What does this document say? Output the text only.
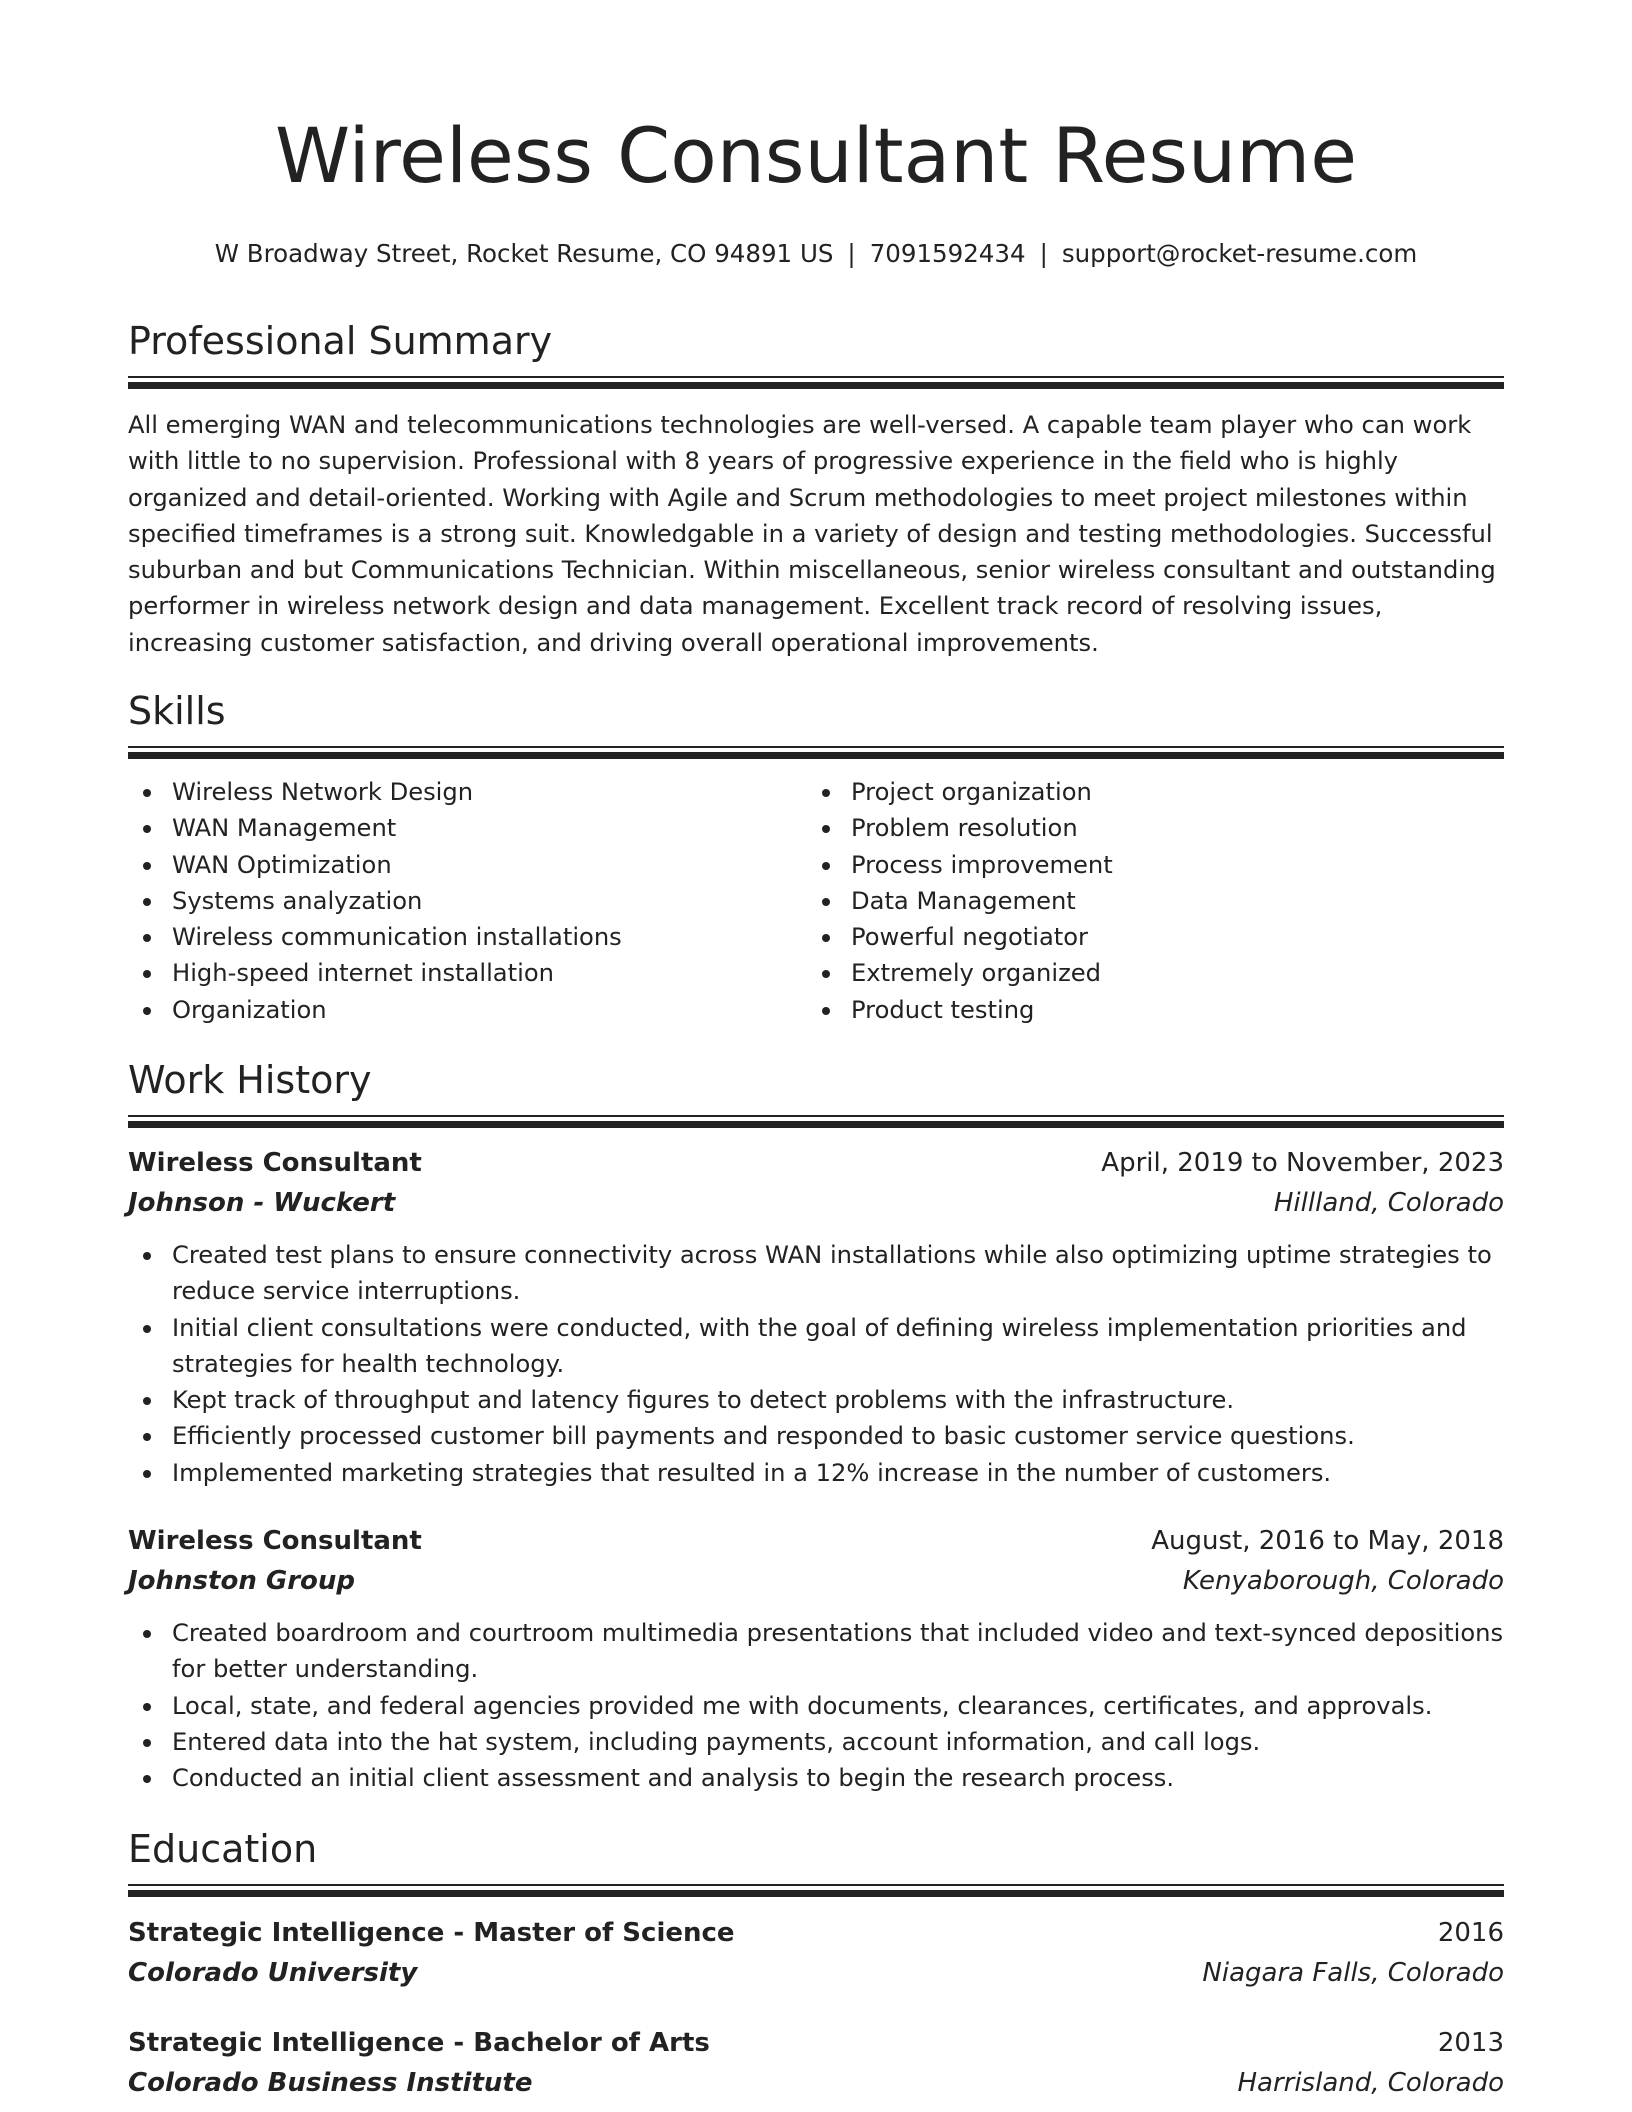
Wireless Consultant Resume
W Broadway Street, Rocket Resume, CO 94891 US | 7091592434 | support@rocket-resume.com
Professional Summary

All emerging WAN and telecommunications technologies are well-versed. A capable team player who can work with little to no supervision. Professional with 8 years of progressive experience in the field who is highly organized and detail-oriented. Working with Agile and Scrum methodologies to meet project milestones within specified timeframes is a strong suit. Knowledgable in a variety of design and testing methodologies. Successful suburban and but Communications Technician. Within miscellaneous, senior wireless consultant and outstanding performer in wireless network design and data management. Excellent track record of resolving issues, increasing customer satisfaction, and driving overall operational improvements.

Skills
Wireless Network Design
WAN Management
WAN Optimization
Systems analyzation
Wireless communication installations
High-speed internet installation
Organization
Project organization
Problem resolution
Process improvement
Data Management
Powerful negotiator
Extremely organized
Product testing
Work History
Wireless Consultant	April, 2019 to November, 2023
Johnson - Wuckert	Hillland, Colorado
Created test plans to ensure connectivity across WAN installations while also optimizing uptime strategies to reduce service interruptions.
Initial client consultations were conducted, with the goal of defining wireless implementation priorities and strategies for health technology.
Kept track of throughput and latency figures to detect problems with the infrastructure.
Efficiently processed customer bill payments and responded to basic customer service questions.
Implemented marketing strategies that resulted in a 12% increase in the number of customers.
Wireless Consultant	August, 2016 to May, 2018
Johnston Group	Kenyaborough, Colorado
Created boardroom and courtroom multimedia presentations that included video and text-synced depositions for better understanding.
Local, state, and federal agencies provided me with documents, clearances, certificates, and approvals.
Entered data into the hat system, including payments, account information, and call logs.
Conducted an initial client assessment and analysis to begin the research process.
Education
Strategic Intelligence - Master of Science	2016
Colorado University	Niagara Falls, Colorado
Strategic Intelligence - Bachelor of Arts	2013
Colorado Business Institute	Harrisland, Colorado
